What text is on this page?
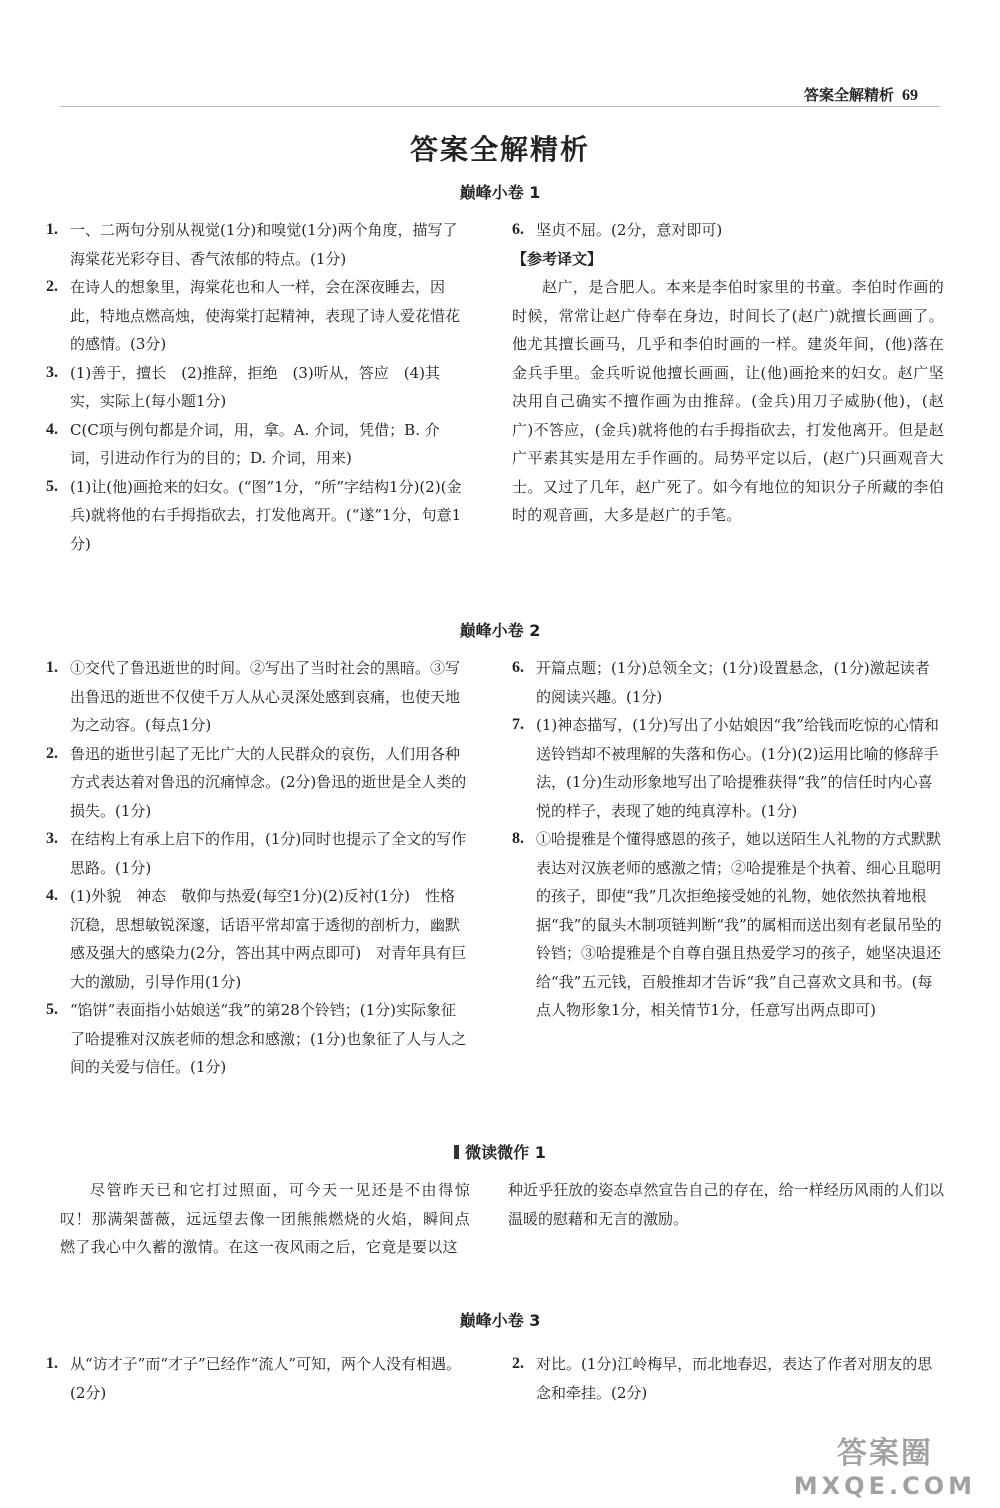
答案全解精析 69
答案全解精析
巅峰小卷 1
1. 一、二两句分别从视觉(1分)和嗅觉(1分)两个角度，描写了海棠花光彩夺目、香气浓郁的特点。(1分)
2. 在诗人的想象里，海棠花也和人一样，会在深夜睡去，因此，特地点燃高烛，使海棠打起精神，表现了诗人爱花惜花的感情。(3分)
3. (1)善于，擅长　(2)推辞，拒绝　(3)听从，答应　(4)其实，实际上(每小题1分)
4. C(C项与例句都是介词，用，拿。A. 介词，凭借；B. 介词，引进动作行为的目的；D. 介词，用来)
5. (1)让(他)画抢来的妇女。(“图”1分，“所”字结构1分)(2)(金兵)就将他的右手拇指砍去，打发他离开。(“遂”1分，句意1分)
6. 坚贞不屈。(2分，意对即可)
【参考译文】
赵广，是合肥人。本来是李伯时家里的书童。李伯时作画的时候，常常让赵广侍奉在身边，时间长了(赵广)就擅长画画了。他尤其擅长画马，几乎和李伯时画的一样。建炎年间，(他)落在金兵手里。金兵听说他擅长画画，让(他)画抢来的妇女。赵广坚决用自己确实不擅作画为由推辞。(金兵)用刀子威胁(他)，(赵广)不答应，(金兵)就将他的右手拇指砍去，打发他离开。但是赵广平素其实是用左手作画的。局势平定以后，(赵广)只画观音大士。又过了几年，赵广死了。如今有地位的知识分子所藏的李伯时的观音画，大多是赵广的手笔。
巅峰小卷 2
1. ①交代了鲁迅逝世的时间。②写出了当时社会的黑暗。③写出鲁迅的逝世不仅使千万人从心灵深处感到哀痛，也使天地为之动容。(每点1分)
2. 鲁迅的逝世引起了无比广大的人民群众的哀伤，人们用各种方式表达着对鲁迅的沉痛悼念。(2分)鲁迅的逝世是全人类的损失。(1分)
3. 在结构上有承上启下的作用，(1分)同时也提示了全文的写作思路。(1分)
4. (1)外貌　神态　敬仰与热爱(每空1分)(2)反衬(1分)　性格沉稳，思想敏锐深邃，话语平常却富于透彻的剖析力，幽默感及强大的感染力(2分，答出其中两点即可)　对青年具有巨大的激励，引导作用(1分)
5. “馅饼”表面指小姑娘送“我”的第28个铃铛；(1分)实际象征了哈提雅对汉族老师的想念和感激；(1分)也象征了人与人之间的关爱与信任。(1分)
6. 开篇点题；(1分)总领全文；(1分)设置悬念，(1分)激起读者的阅读兴趣。(1分)
7. (1)神态描写，(1分)写出了小姑娘因“我”给钱而吃惊的心情和送铃铛却不被理解的失落和伤心。(1分)(2)运用比喻的修辞手法，(1分)生动形象地写出了哈提雅获得“我”的信任时内心喜悦的样子，表现了她的纯真淳朴。(1分)
8. ①哈提雅是个懂得感恩的孩子，她以送陌生人礼物的方式默默表达对汉族老师的感激之情；②哈提雅是个执着、细心且聪明的孩子，即使“我”几次拒绝接受她的礼物，她依然执着地根据“我”的鼠头木制项链判断“我”的属相而送出刻有老鼠吊坠的铃铛；③哈提雅是个自尊自强且热爱学习的孩子，她坚决退还给“我”五元钱，百般推却才告诉“我”自己喜欢文具和书。(每点人物形象1分，相关情节1分，任意写出两点即可)
微读微作 1
尽管昨天已和它打过照面，可今天一见还是不由得惊叹！那满架蔷薇，远远望去像一团熊熊燃烧的火焰，瞬间点燃了我心中久蓄的激情。在这一夜风雨之后，它竟是要以这
种近乎狂放的姿态卓然宣告自己的存在，给一样经历风雨的人们以温暖的慰藉和无言的激励。
巅峰小卷 3
1. 从“访才子”而“才子”已经作“流人”可知，两个人没有相遇。(2分)
2. 对比。(1分)江岭梅早，而北地春迟，表达了作者对朋友的思念和牵挂。(2分)
答案圈
MXQE.COM
